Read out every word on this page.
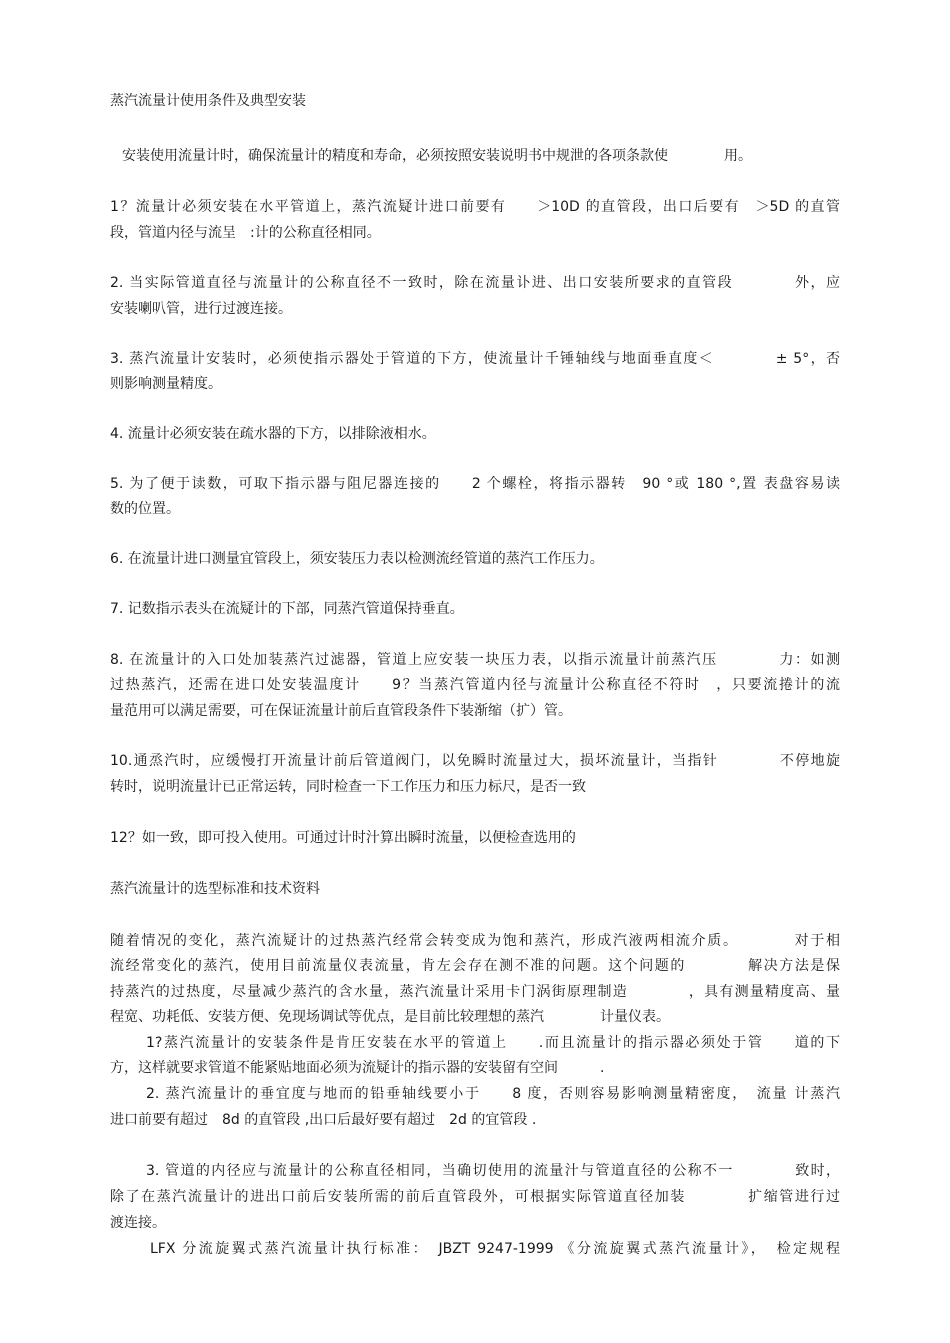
蒸汽流量计使用条件及典型安装
安装使用流量计时，确保流量计的精度和寿命，必须按照安装说明书中规泄的各项条款使　　　　用。
1？流量计必须安装在水平管道上，蒸汽流疑计进口前要有　　＞10D 的直管段，出口后要有　＞5D 的直管
段，管道内径与流呈　:计的公称直径相同。
2. 当实际管道直径与流量计的公称直径不一致时，除在流量讣进、出口安装所要求的直管段　　　　外，应
安装喇叭管，进行过渡连接。
3. 蒸汽流量计安装时，必须使指示器处于管道的下方，使流量计千锤轴线与地面垂直度＜　　　　± 5°，否
则影响测量精度。
4. 流量计必须安装在疏水器的下方，以排除液相水。
5. 为了便于读数，可取下指示器与阻尼器连接的　　2 个螺栓，将指示器转　90 °或 180 °,置 表盘容易读
数的位置。
6. 在流量计进口测量宜管段上，须安装压力表以检测流经管道的蒸汽工作压力。
7. 记数指示表头在流疑计的下部，同蒸汽管道保持垂直。
8. 在流量计的入口处加装蒸汽过滤器，管道上应安装一块压力表，以指示流量计前蒸汽压　　　　力：如测
过热蒸汽，还需在进口处安装温度计　　9？当蒸汽管道内径与流量计公称直径不符时　，只要流捲计的流
量范用可以满足需要，可在保证流量计前后直管段条件下装渐缩（扩）管。
10.通烝汽时，应缓慢打开流量计前后管道阀门，以免瞬时流量过大，损坏流量计，当指针　　　　不停地旋
转时，说明流量计已正常运转，同时检查一下工作压力和压力标尺，是否一致
12？如一致，即可投入使用。可通过计时汁算出瞬时流量，以便检查选用的
蒸汽流量计的选型标准和技术资料
随着情况的变化，蒸汽流疑计的过热蒸汽经常会转变成为饱和蒸汽，形成汽液两相流介质。　　　　对于相
流经常变化的蒸汽，使用目前流量仪表流量，肯左会存在测不准的问题。这个问题的　　　　解决方法是保
持蒸汽的过热度，尽量减少蒸汽的含水量，蒸汽流量计采用卡门涡街原理制造　　　　，具有测量精度高、量
程宽、功耗低、安装方便、免现场调试等优点，是目前比较理想的蒸汽　　　　计量仪表。
1?蒸汽流量计的安装条件是肯圧安装在水平的管道上　　.而且流量计的指示器必须处于管　　道的下
方，这样就要求管道不能紧贴地面必须为流疑计的指示器的安装留有空间　　　.
2. 蒸汽流量计的垂宜度与地而的铅垂轴线要小于　　8 度，否则容易影响测量精密度，　流量 计蒸汽
进口前要有超过　8d 的直管段 ,出口后最好要有超过　2d 的宜管段 .
3. 管道的内径应与流量计的公称直径相同，当确切使用的流量汁与管道直径的公称不一　　　　致时，
除了在蒸汽流量计的进出口前后安装所需的前后直管段外，可根据实际管道直径加装　　　　扩缩管进行过
渡连接。
LFX 分流旋翼式蒸汽流量计执行标准：　JBZT 9247-1999 《分流旋翼式蒸汽流量计》，　检定规程
